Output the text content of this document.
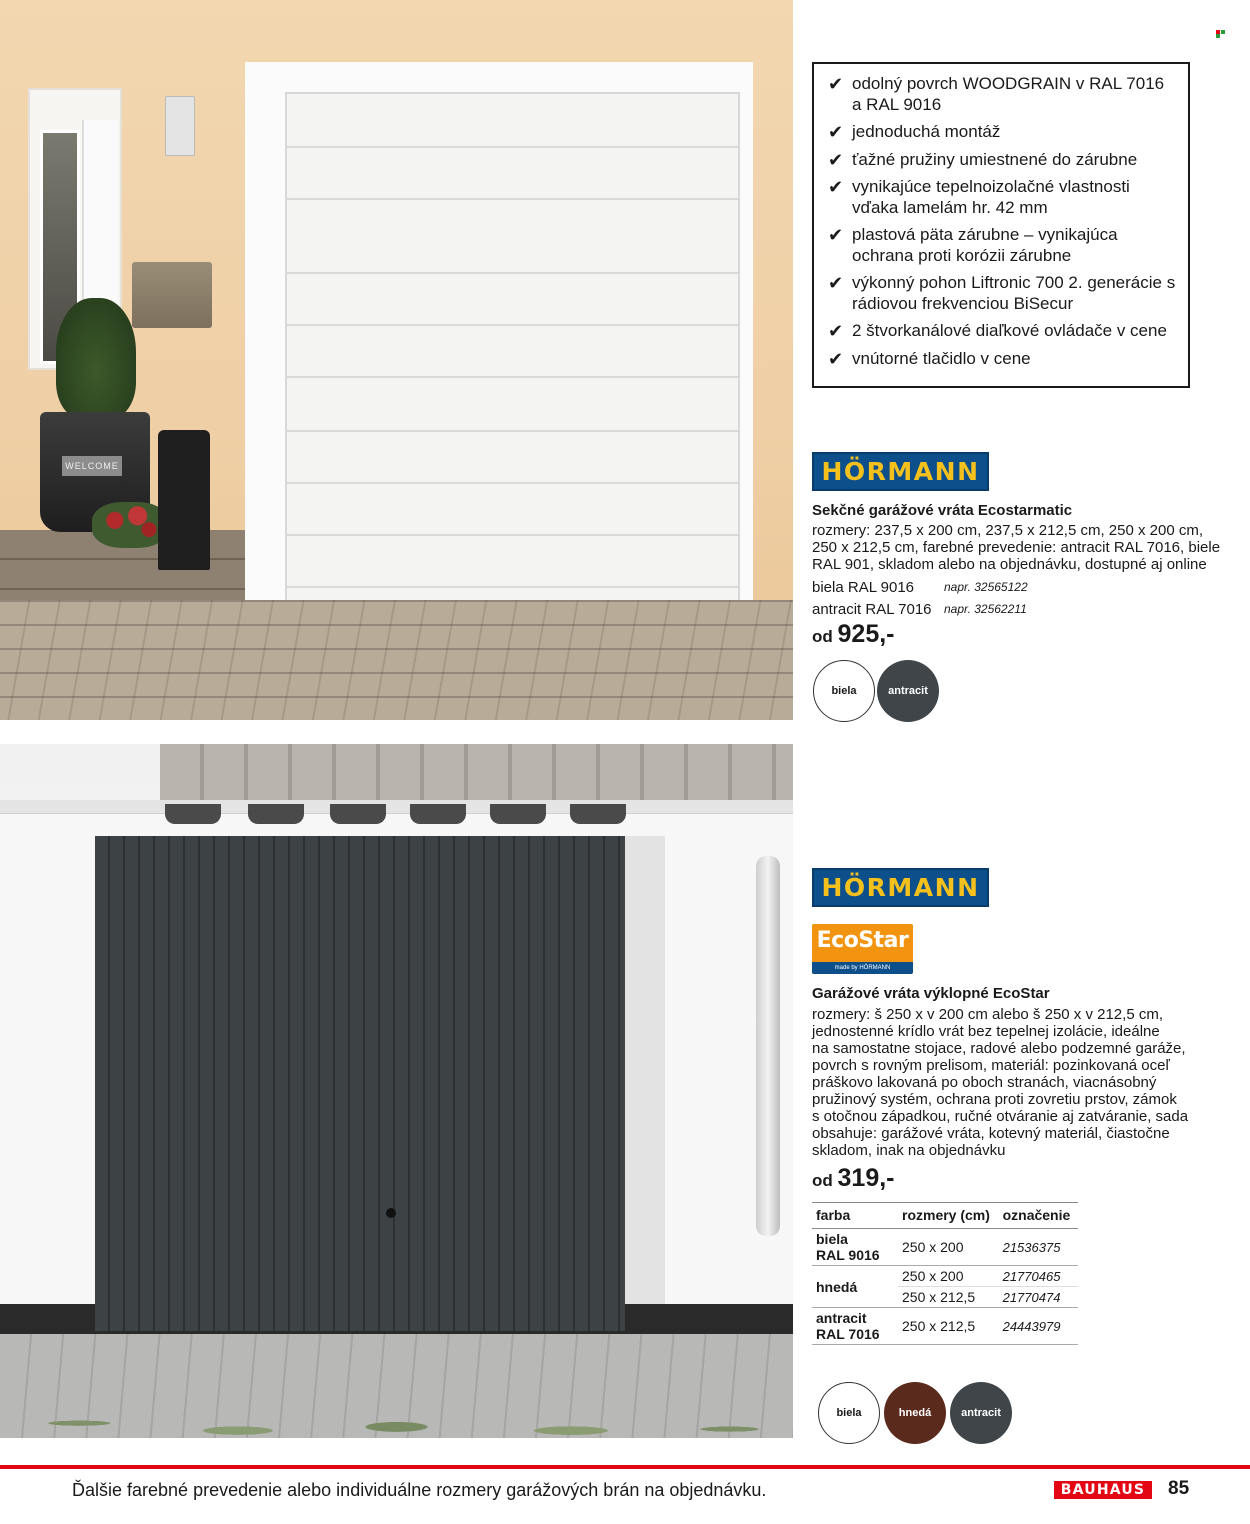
WELCOME
✔ odolný povrch WOODGRAIN v RAL 7016 a RAL 9016
✔ jednoduchá montáž
✔ ťažné pružiny umiestnené do zárubne
✔ vynikajúce tepelnoizolačné vlastnosti vďaka lamelám hr. 42 mm
✔ plastová päta zárubne – vynikajúca ochrana proti korózii zárubne
✔ výkonný pohon Liftronic 700 2. generácie s rádiovou frekvenciou BiSecur
✔ 2 štvorkanálové diaľkové ovládače v cene
✔ vnútorné tlačidlo v cene
HÖRMANN
Sekčné garážové vráta Ecostarmatic
rozmery: 237,5 x 200 cm, 237,5 x 212,5 cm, 250 x 200 cm,
250 x 212,5 cm, farebné prevedenie: antracit RAL 7016, biele
RAL 901, skladom alebo na objednávku, dostupné aj online
biela RAL 9016 napr. 32565122
antracit RAL 7016 napr. 32562211
od 925,-
biela	antracit
HÖRMANN
EcoStar
made by HÖRMANN
Garážové vráta výklopné EcoStar
rozmery: š 250 x v 200 cm alebo š 250 x v 212,5 cm,
jednostenné krídlo vrát bez tepelnej izolácie, ideálne
na samostatne stojace, radové alebo podzemné garáže,
povrch s rovným prelisom, materiál: pozinkovaná oceľ
práškovo lakovaná po oboch stranách, viacnásobný
pružinový systém, ochrana proti zovretiu prstov, zámok
s otočnou západkou, ručné otváranie aj zatváranie, sada
obsahuje: garážové vráta, kotevný materiál, čiastočne
skladom, inak na objednávku
od 319,-
farba	rozmery (cm)	označenie

biela
RAL 9016	250 x 200	21536375
hnedá	250 x 200	21770465
	250 x 212,5	21770474

antracit
RAL 7016	250 x 212,5	24443979
biela	hnedá	antracit
Ďalšie farebné prevedenie alebo individuálne rozmery garážových brán na objednávku.	BAUHAUS	85
